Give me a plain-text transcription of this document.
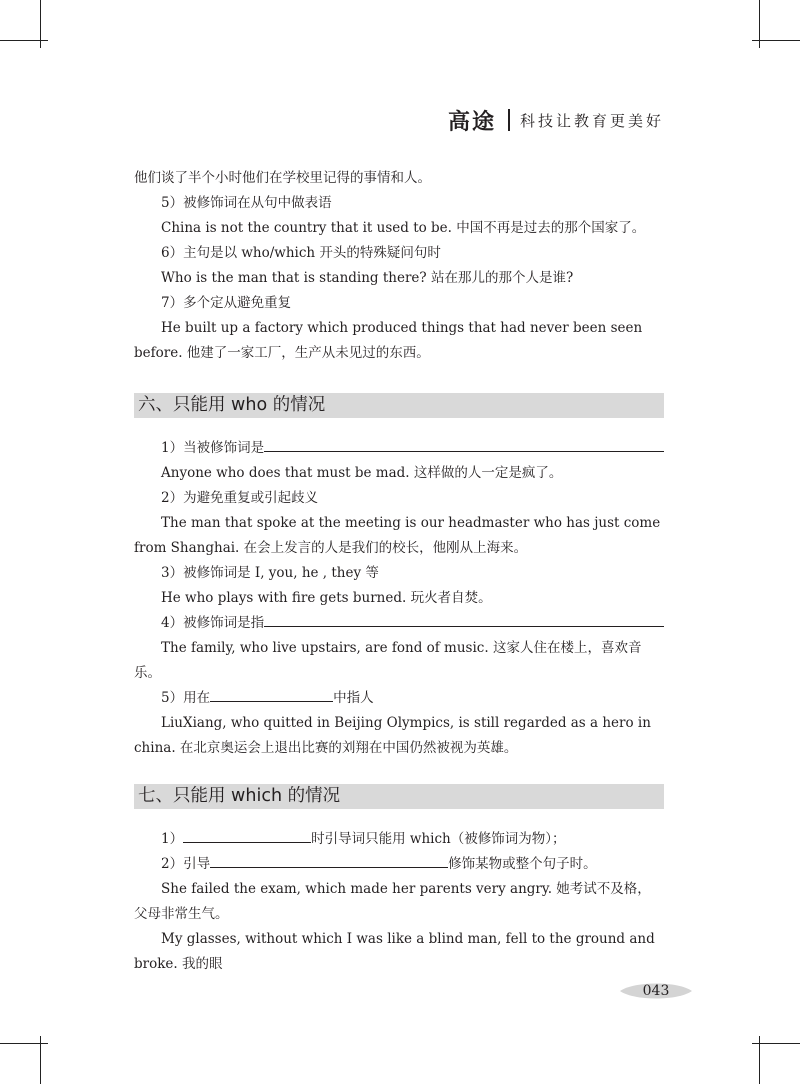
高途 科技让教育更美好

他们谈了半个小时他们在学校里记得的事情和人。

5）被修饰词在从句中做表语

China is not the country that it used to be. 中国不再是过去的那个国家了。

6）主句是以 who/which 开头的特殊疑问句时

Who is the man that is standing there? 站在那儿的那个人是谁?

7）多个定从避免重复

He built up a factory which produced things that had never been seen before. 他建了一家工厂，生产从未见过的东西。

六、只能用 who 的情况

1）当被修饰词是

Anyone who does that must be mad. 这样做的人一定是疯了。

2）为避免重复或引起歧义

The man that spoke at the meeting is our headmaster who has just come from Shanghai. 在会上发言的人是我们的校长，他刚从上海来。

3）被修饰词是 I, you, he , they 等

He who plays with fire gets burned. 玩火者自焚。

4）被修饰词是指

The family, who live upstairs, are fond of music. 这家人住在楼上，喜欢音乐。

5）用在	中指人

LiuXiang, who quitted in Beijing Olympics, is still regarded as a hero in china. 在北京奥运会上退出比赛的刘翔在中国仍然被视为英雄。

七、只能用 which 的情况

1）	时引导词只能用 which（被修饰词为物）；

2）引导	修饰某物或整个句子时。

She failed the exam, which made her parents very angry. 她考试不及格，父母非常生气。

My glasses, without which I was like a blind man, fell to the ground and broke. 我的眼

043
